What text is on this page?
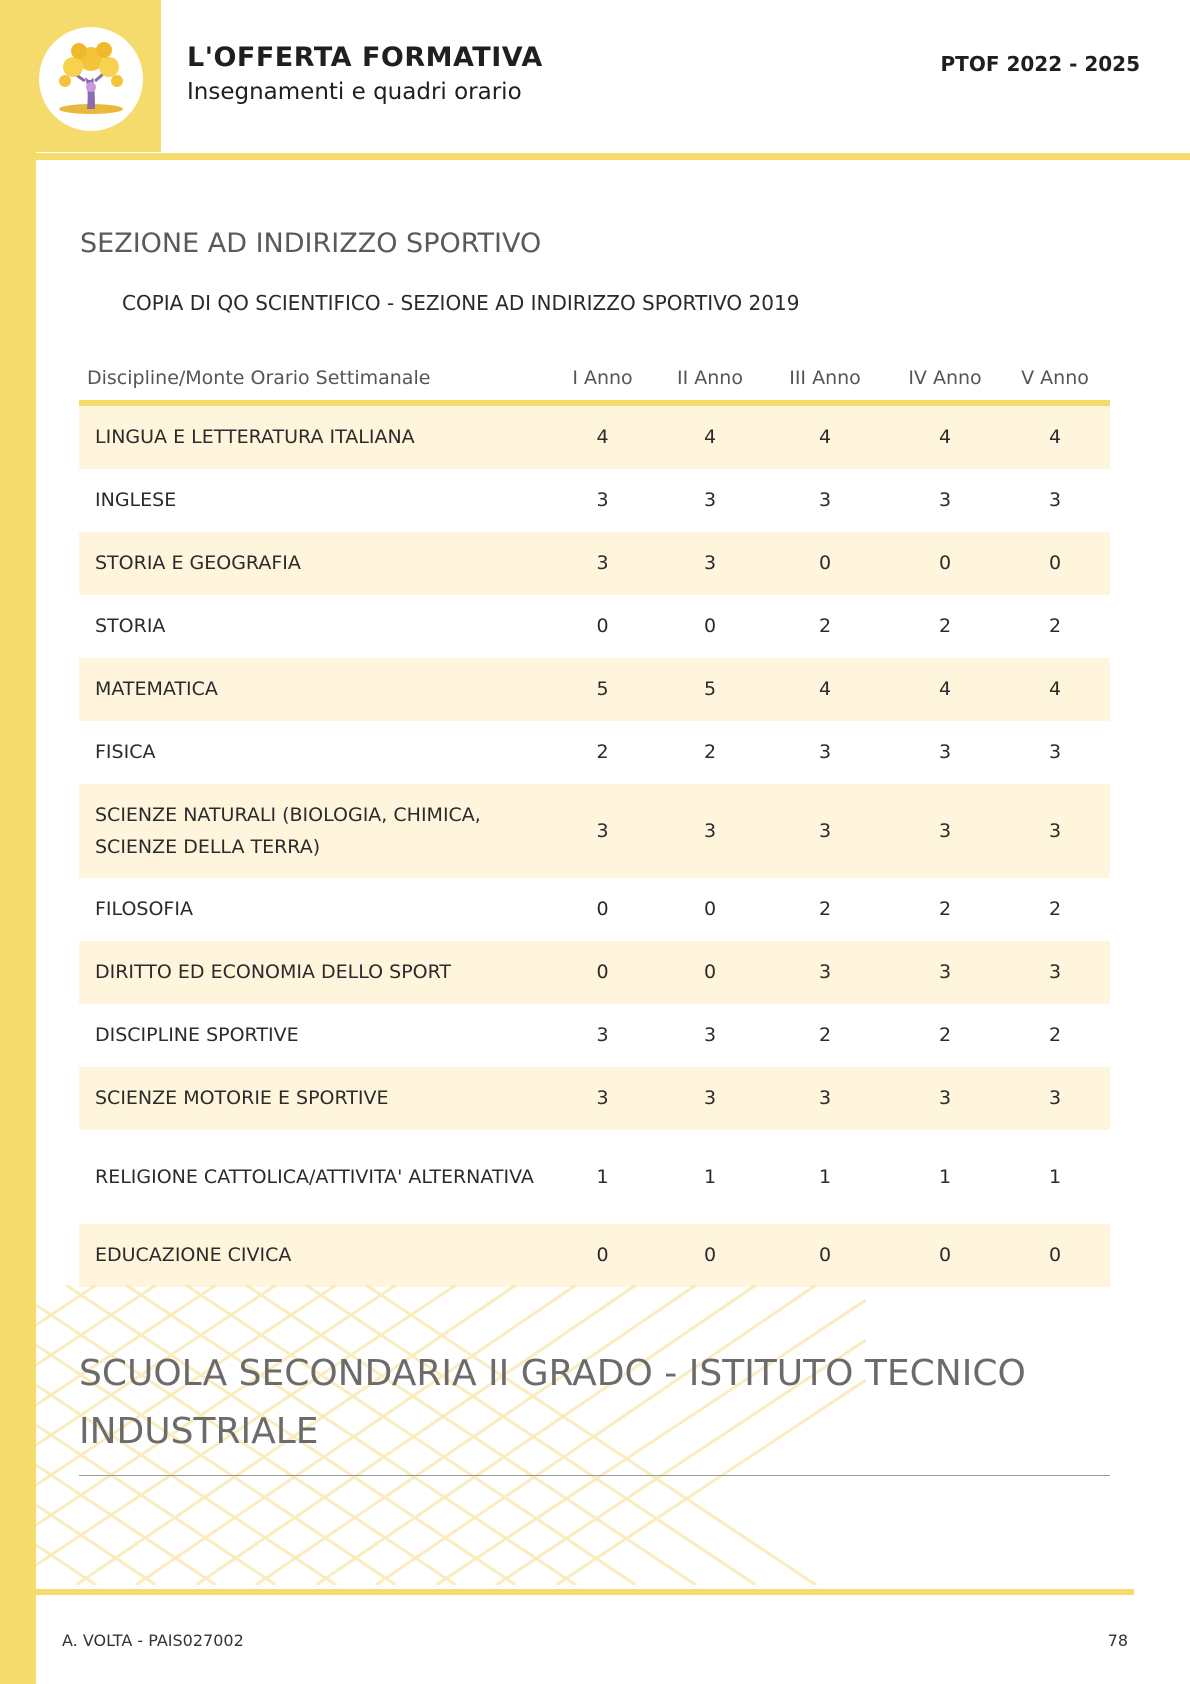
L'OFFERTA FORMATIVA

Insegnamenti e quadri orario

PTOF 2022 - 2025
SEZIONE AD INDIRIZZO SPORTIVO
COPIA DI QO SCIENTIFICO - SEZIONE AD INDIRIZZO SPORTIVO 2019
Discipline/Monte Orario Settimanale	I Anno	II Anno	III Anno	IV Anno	V Anno
LINGUA E LETTERATURA ITALIANA	4	4	4	4	4
INGLESE	3	3	3	3	3
STORIA E GEOGRAFIA	3	3	0	0	0
STORIA	0	0	2	2	2
MATEMATICA	5	5	4	4	4
FISICA	2	2	3	3	3
SCIENZE NATURALI (BIOLOGIA, CHIMICA, SCIENZE DELLA TERRA)	3	3	3	3	3
FILOSOFIA	0	0	2	2	2
DIRITTO ED ECONOMIA DELLO SPORT	0	0	3	3	3
DISCIPLINE SPORTIVE	3	3	2	2	2
SCIENZE MOTORIE E SPORTIVE	3	3	3	3	3
RELIGIONE CATTOLICA/ATTIVITA' ALTERNATIVA	1	1	1	1	1
EDUCAZIONE CIVICA	0	0	0	0	0
SCUOLA SECONDARIA II GRADO - ISTITUTO TECNICO INDUSTRIALE
A. VOLTA - PAIS027002	78
